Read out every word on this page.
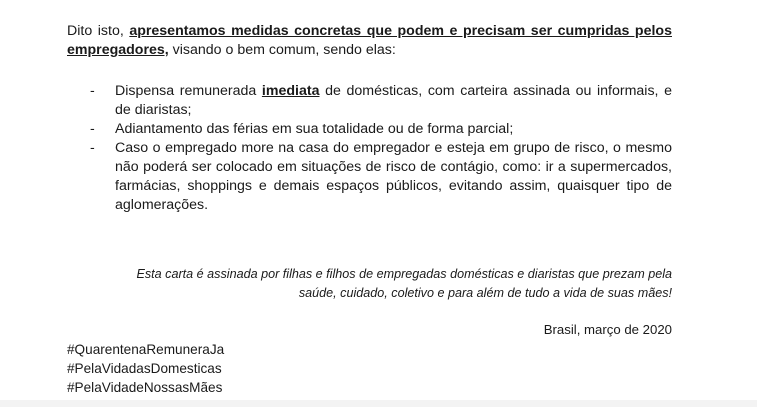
Dito isto, apresentamos medidas concretas que podem e precisam ser cumpridas pelos empregadores, visando o bem comum, sendo elas:

-	Dispensa remunerada imediata de domésticas, com carteira assinada ou informais, e de diaristas;
-	Adiantamento das férias em sua totalidade ou de forma parcial;
-	Caso o empregado more na casa do empregador e esteja em grupo de risco, o mesmo não poderá ser colocado em situações de risco de contágio, como: ir a supermercados, farmácias, shoppings e demais espaços públicos, evitando assim, quaisquer tipo de aglomerações.

Esta carta é assinada por filhas e filhos de empregadas domésticas e diaristas que prezam pela saúde, cuidado, coletivo e para além de tudo a vida de suas mães!

Brasil, março de 2020

#QuarentenaRemuneraJa
#PelaVidadasDomesticas
#PelaVidadeNossasMães
